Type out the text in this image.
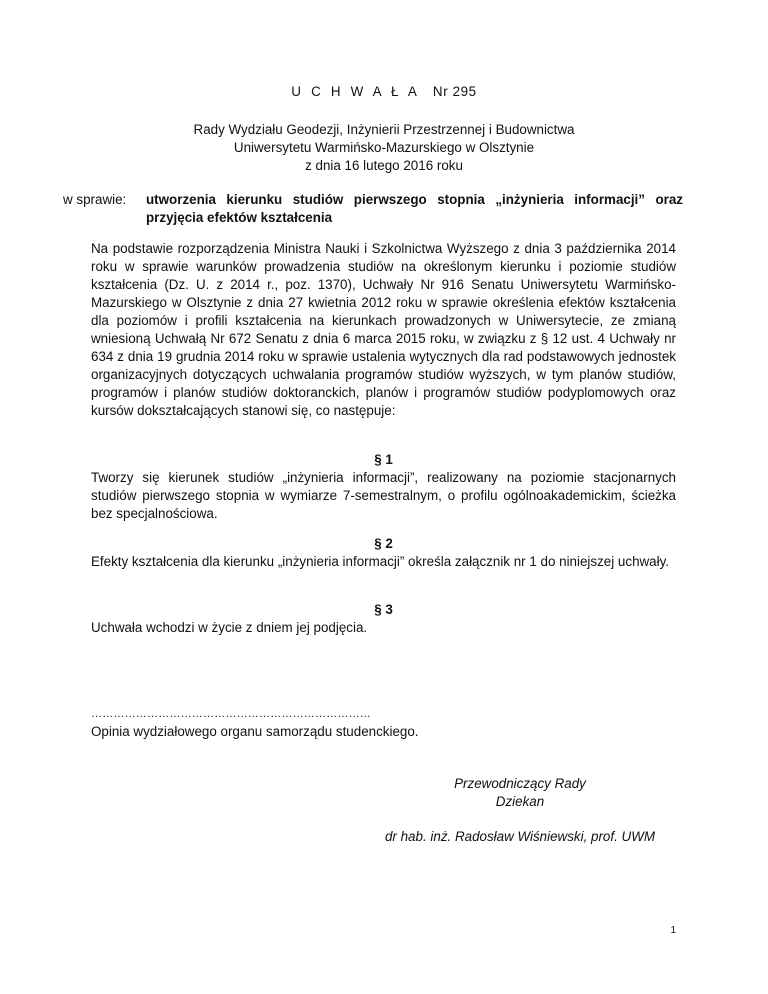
U C H W A Ł A Nr 295
Rady Wydziału Geodezji, Inżynierii Przestrzennej i Budownictwa
Uniwersytetu Warmińsko-Mazurskiego w Olsztynie
z dnia 16 lutego 2016 roku
w sprawie: utworzenia kierunku studiów pierwszego stopnia „inżynieria informacji” oraz przyjęcia efektów kształcenia
Na podstawie rozporządzenia Ministra Nauki i Szkolnictwa Wyższego z dnia 3 października 2014 roku w sprawie warunków prowadzenia studiów na określonym kierunku i poziomie studiów kształcenia (Dz. U. z 2014 r., poz. 1370), Uchwały Nr 916 Senatu Uniwersytetu Warmińsko-Mazurskiego w Olsztynie z dnia 27 kwietnia 2012 roku w sprawie określenia efektów kształcenia dla poziomów i profili kształcenia na kierunkach prowadzonych w Uniwersytecie, ze zmianą wniesioną Uchwałą Nr 672 Senatu z dnia 6 marca 2015 roku, w związku z § 12 ust. 4 Uchwały nr 634 z dnia 19 grudnia 2014 roku w sprawie ustalenia wytycznych dla rad podstawowych jednostek organizacyjnych dotyczących uchwalania programów studiów wyższych, w tym planów studiów, programów i planów studiów doktoranckich, planów i programów studiów podyplomowych oraz kursów dokształcających stanowi się, co następuje:
§ 1
Tworzy się kierunek studiów „inżynieria informacji”, realizowany na poziomie stacjonarnych studiów pierwszego stopnia w wymiarze 7-semestralnym, o profilu ogólnoakademickim, ścieżka bez specjalnościowa.
§ 2
Efekty kształcenia dla kierunku „inżynieria informacji” określa załącznik nr 1 do niniejszej uchwały.
§ 3
Uchwała wchodzi w życie z dniem jej podjęcia.
…………………………………………………………………
Opinia wydziałowego organu samorządu studenckiego.
Przewodniczący Rady
Dziekan
dr hab. inż. Radosław Wiśniewski, prof. UWM
1
